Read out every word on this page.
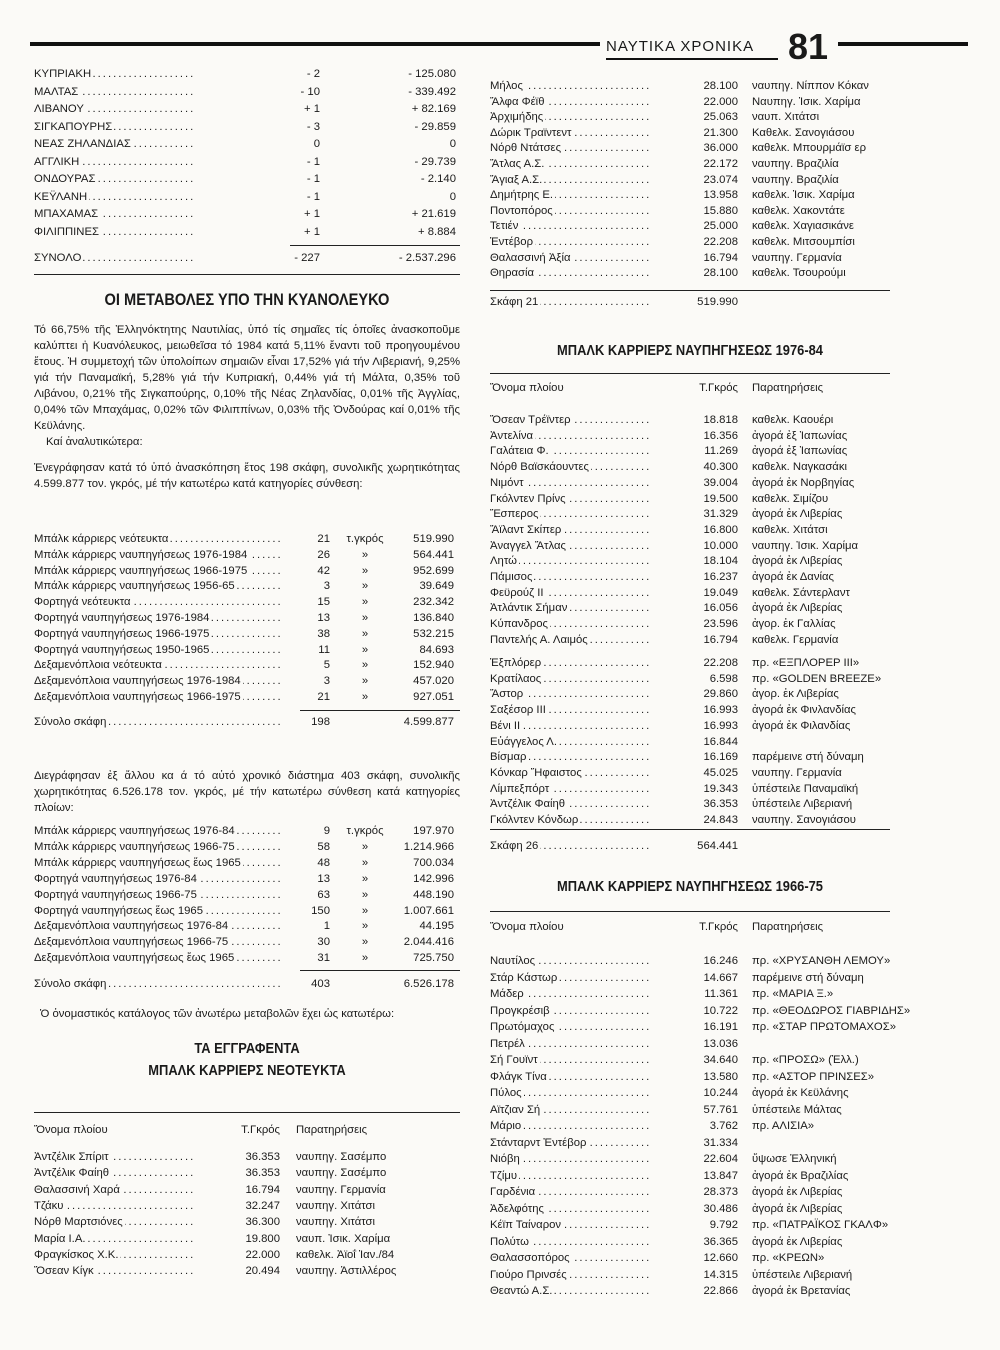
ΝΑΥΤΙΚΑ ΧΡΟΝΙΚΑ 81
.....
ΚΥΠΡΙΑΚΗ	- 2	- 125.080
.....
ΜΑΛΤΑΣ	- 10	- 339.492
.....
ΛΙΒΑΝΟΥ	+ 1	+ 82.169
.....
ΣΙΓΚΑΠΟΥΡΗΣ	- 3	- 29.859
.....
ΝΕΑΣ ΖΗΛΑΝΔΙΑΣ	0	0
.....
ΑΓΓΛΙΚΗ	- 1	- 29.739
.....
ΟΝΔΟΥΡΑΣ	- 1	- 2.140
.....
ΚΕΫΛΑΝΗ	- 1	0
.....
ΜΠΑΧΑΜΑΣ	+ 1	+ 21.619
.....
ΦΙΛΙΠΠΙΝΕΣ	+ 1	+ 8.884
.....
ΣΥΝΟΛΟ	- 227	- 2.537.296
ΟΙ ΜΕΤΑΒΟΛΕΣ ΥΠΟ ΤΗΝ ΚΥΑΝΟΛΕΥΚΟ

Τό 66,75% τῆς Ἑλληνόκτητης Ναυτιλίας, ὑπό τίς σημαῖες τίς ὁποῖες ἀνασκοποῦμε καλύπτει ἡ Κυανόλευκος, μειωθεῖσα τό 1984 κατά 5,11% ἔναντι τοῦ προηγουμένου ἔτους. Ἡ συμμετοχή τῶν ὑπολοίπων σημαιῶν εἶναι 17,52% γιά τήν Λιβεριανή, 9,25% γιά τήν Παναμαϊκή, 5,28% γιά τήν Κυπριακή, 0,44% γιά τή Μάλτα, 0,35% τοῦ Λιβάνου, 0,21% τῆς Σιγκαπούρης, 0,10% τῆς Νέας Ζηλανδίας, 0,01% τῆς Ἀγγλίας, 0,04% τῶν Μπαχάμας, 0,02% τῶν Φιλιππίνων, 0,03% τῆς Ὀνδούρας καί 0,01% τῆς Κεϋλάνης.

Καί ἀναλυτικώτερα:

Ἐνεγράφησαν κατά τό ὑπό ἀνασκόπηση ἔτος 198 σκάφη, συνολικῆς χωρητικότητας 4.599.877 τον. γκρός, μέ τήν κατωτέρω κατά κατηγορίες σύνθεση:
.....
Μπάλκ κάρριερς νεότευκτα	21	τ.γκρός	519.990
.....
Μπάλκ κάρριερς ναυπηγήσεως 1976-1984	26	»	564.441
.....
Μπάλκ κάρριερς ναυπηγήσεως 1966-1975	42	»	952.699
.....
Μπάλκ κάρριερς ναυπηγήσεως 1956-65	3	»	39.649
.....
Φορτηγά νεότευκτα	15	»	232.342
.....
Φορτηγά ναυπηγήσεως 1976-1984	13	»	136.840
.....
Φορτηγά ναυπηγήσεως 1966-1975	38	»	532.215
.....
Φορτηγά ναυπηγήσεως 1950-1965	11	»	84.693
.....
Δεξαμενόπλοια νεότευκτα	5	»	152.940
.....
Δεξαμενόπλοια ναυπηγήσεως 1976-1984	3	»	457.020
.....
Δεξαμενόπλοια ναυπηγήσεως 1966-1975	21	»	927.051
.....
Σύνολο σκάφη	198	4.599.877
Διεγράφησαν ἐξ ἄλλου κα ά τό αὐτό χρονικό διάστημα 403 σκάφη, συνολικῆς χωρητικότητας 6.526.178 τον. γκρός, μέ τήν κατωτέρω σύνθεση κατά κατηγορίες πλοίων:
.....
Μπάλκ κάρριερς ναυπηγήσεως 1976-84	9	τ.γκρός	197.970
.....
Μπάλκ κάρριερς ναυπηγήσεως 1966-75	58	»	1.214.966
.....
Μπάλκ κάρριερς ναυπηγήσεως ἕως 1965	48	»	700.034
.....
Φορτηγά ναυπηγήσεως 1976-84	13	»	142.996
.....
Φορτηγά ναυπηγήσεως 1966-75	63	»	448.190
.....
Φορτηγά ναυπηγήσεως ἕως 1965	150	»	1.007.661
.....
Δεξαμενόπλοια ναυπηγήσεως 1976-84	1	»	44.195
.....
Δεξαμενόπλοια ναυπηγήσεως 1966-75	30	»	2.044.416
.....
Δεξαμενόπλοια ναυπηγήσεως ἕως 1965	31	»	725.750
.....
Σύνολο σκάφη	403	6.526.178
Ὁ ὀνομαστικός κατάλογος τῶν ἀνωτέρω μεταβολῶν ἔχει ὡς κατωτέρω:
ΤΑ ΕΓΓΡΑΦΕΝΤΑ
ΜΠΑΛΚ ΚΑΡΡΙΕΡΣ ΝΕΟΤΕΥΚΤΑ
Ὄνομα πλοίου	Τ.Γκρός Παρατηρήσεις
.....
Ἀντζέλικ Σπίριτ	36.353 ναυπηγ. Σασέμπο
.....
Ἀντζέλικ Φαίηθ	36.353 ναυπηγ. Σασέμπο
.....
Θαλασσινή Χαρά	16.794 ναυπηγ. Γερμανία
.....
Τζάκυ	32.247 ναυπηγ. Χιτάτσι
.....
Νόρθ Μαρτσιόνες	36.300 ναυπηγ. Χιτάτσι
.....
Μαρία Ι.Α.	19.800 ναυπ. Ἰσικ. Χαρίμα
.....
Φραγκίσκος Χ.Κ.	22.000 καθελκ. Ἀϊοΐ Ἰαν./84
.....
Ὄσεαν Κίγκ	20.494 ναυπηγ. Ἀστιλλέρος
.....
Μήλος	28.100 ναυπηγ. Νίππον Κόκαν
.....
Ἄλφα Φέϊθ	22.000 Ναυπηγ. Ἰσικ. Χαρίμα
.....
Ἀρχιμήδης	25.063 ναυπ. Χιτάτσι
.....
Δώρικ Τραϊντεντ	21.300 Καθελκ. Σανογιάσου
.....
Νόρθ Ντάτσες	36.000 καθελκ. Μπουρμάϊσ ερ
.....
Ἄτλας Α.Σ.	22.172 ναυπηγ. Βραζιλία
.....
Ἄγιαξ Α.Σ.	23.074 ναυπηγ. Βραζιλία
.....
Δημήτρης Ε.	13.958 καθελκ. Ἰσικ. Χαρίμα
.....
Ποντοπόρος	15.880 καθελκ. Χακοντάτε
.....
Τετιέν	25.000 καθελκ. Χαγιασικάνε
.....
Ἐντέβορ	22.208 καθελκ. Μιτσουμπίσι
.....
Θαλασσινή Ἀξία	16.794 ναυπηγ. Γερμανία
.....
Θηρασία	28.100 καθελκ. Τσουρούμι
.....
Σκάφη 21	519.990
ΜΠΑΛΚ ΚΑΡΡΙΕΡΣ ΝΑΥΠΗΓΗΣΕΩΣ 1976-84
Ὄνομα πλοίου	Τ.Γκρός Παρατηρήσεις
.....
Ὄσεαν Τρέϊντερ	18.818 καθελκ. Καουέρι
.....
Ἀντελίνα	16.356 ἀγορά ἐξ Ἰαπωνίας
.....
Γαλάτεια Φ.	11.269 ἀγορά ἐξ Ἰαπωνίας
.....
Νόρθ Βαϊσκάουντες	40.300 καθελκ. Ναγκασάκι
.....
Νιμόντ	39.004 ἀγορά ἐκ Νορβηγίας
.....
Γκόλντεν Πρίνς	19.500 καθελκ. Σιμίζου
.....
Ἔσπερος	31.329 ἀγορά ἐκ Λιβερίας
.....
Ἄϊλαντ Σκίπερ	16.800 καθελκ. Χιτάτσι
.....
Ἀναγγελ Ἄτλας	10.000 ναυπηγ. Ἰσικ. Χαρίμα
.....
Λητώ	18.104 ἀγορά ἐκ Λιβερίας
.....
Πάμισος	16.237 ἀγορά ἐκ Δανίας
.....
Φεϋρούζ ΙΙ	19.049 καθελκ. Σάντερλαντ
.....
Ἀτλάντικ Σήμαν	16.056 ἀγορά ἐκ Λιβερίας
.....
Κύπανδρος	23.596 ἀγορ. ἐκ Γαλλίας
.....
Παντελής Α. Λαιμός	16.794 καθελκ. Γερμανία
.....
Ἐξπλόρερ	22.208 πρ. «ΕΞΠΛΟΡΕΡ ΙΙΙ»
.....
Κρατίλαος	6.598 πρ. «GOLDEN BREEZE»
.....
Ἄστορ	29.860 ἀγορ. ἐκ Λιβερίας
.....
Σαξέσορ ΙΙΙ	16.993 ἀγορά ἐκ Φινλανδίας
.....
Βένι ΙΙ	16.993 ἀγορά ἐκ Φιλανδίας
.....
Εὐάγγελος Λ.	16.844
.....
Βίσμαρ	16.169 παρέμεινε στή δύναμη
.....
Κόνκαρ Ἥφαιστος	45.025 ναυπηγ. Γερμανία
.....
Λίμπεξπόρτ	19.343 ὑπέστειλε Παναμαϊκή
.....
Ἀντζέλικ Φαίηθ	36.353 ὑπέστειλε Λιβεριανή
.....
Γκόλντεν Κόνδωρ	24.843 ναυπηγ. Σανογιάσου
.....
Σκάφη 26	564.441
ΜΠΑΛΚ ΚΑΡΡΙΕΡΣ ΝΑΥΠΗΓΗΣΕΩΣ 1966-75
Ὄνομα πλοίου	Τ.Γκρός Παρατηρήσεις
.....
Ναυτίλος	16.246 πρ. «ΧΡΥΣΑΝΘΗ ΛΕΜΟΥ»
.....
Στάρ Κάστωρ	14.667 παρέμεινε στή δύναμη
.....
Μάδερ	11.361 πρ. «ΜΑΡΙΑ Ξ.»
.....
Προγκρέσιβ	10.722 πρ. «ΘΕΟΔΩΡΟΣ ΓΙΑΒΡΙΔΗΣ»
.....
Πρωτόμαχος	16.191 πρ. «ΣΤΑΡ ΠΡΩΤΟΜΑΧΟΣ»
.....
Πετρέλ	13.036
.....
Σή Γουϊντ	34.640 πρ. «ΠΡΟΣΩ» (Ἐλλ.)
.....
Φλάγκ Τίνα	13.580 πρ. «ΑΣΤΟΡ ΠΡΙΝΣΕΣ»
.....
Πύλος	10.244 ἀγορά ἐκ Κεϋλάνης
.....
Αϊτζιαν Σή	57.761 ὑπέστειλε Μάλτας
.....
Μάριο	3.762 πρ. ΑΛΙΣΙΑ»
.....
Στάνταρντ Ἐντέβορ	31.334
.....
Νιόβη	22.604 ὕψωσε Ἑλληνική
.....
Τζίμυ	13.847 ἀγορά ἐκ Βραζιλίας
.....
Γαρδένια	28.373 ἀγορά ἐκ Λιβερίας
.....
Ἀδελφότης	30.486 ἀγορά ἐκ Λιβερίας
.....
Κέϊπ Ταίναρον	9.792 πρ. «ΠΑΤΡΑΪΚΟΣ ΓΚΑΛΦ»
.....
Πολύτω	36.365 ἀγορά ἐκ Λιβερίας
.....
Θαλασσοπόρος	12.660 πρ. «ΚΡΕΩΝ»
.....
Γιούρο Πρινσές	14.315 ὑπέστειλε Λιβεριανή
.....
Θεαντώ Α.Σ.	22.866 ἀγορά ἐκ Βρετανίας
